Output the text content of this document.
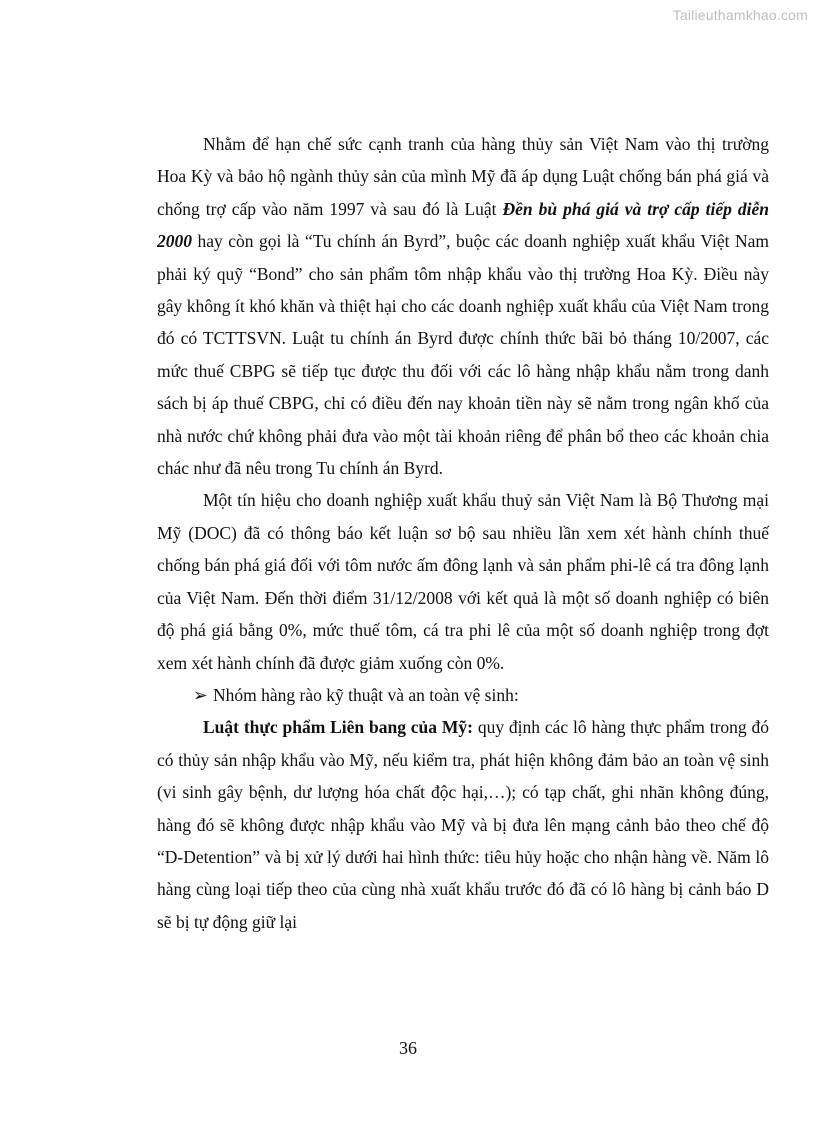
Tailieuthamkhao.com

Nhằm để hạn chế sức cạnh tranh của hàng thủy sản Việt Nam vào thị trường Hoa Kỳ và bảo hộ ngành thủy sản của mình Mỹ đã áp dụng Luật chống bán phá giá và chống trợ cấp vào năm 1997 và sau đó là Luật Đền bù phá giá và trợ cấp tiếp diễn 2000 hay còn gọi là “Tu chính án Byrd”, buộc các doanh nghiệp xuất khẩu Việt Nam phải ký quỹ “Bond” cho sản phẩm tôm nhập khẩu vào thị trường Hoa Kỳ. Điều này gây không ít khó khăn và thiệt hại cho các doanh nghiệp xuất khẩu của Việt Nam trong đó có TCTTSVN. Luật tu chính án Byrd được chính thức bãi bỏ tháng 10/2007, các mức thuế CBPG sẽ tiếp tục được thu đối với các lô hàng nhập khẩu nằm trong danh sách bị áp thuế CBPG, chỉ có điều đến nay khoản tiền này sẽ nằm trong ngân khố của nhà nước chứ không phải đưa vào một tài khoản riêng để phân bổ theo các khoản chia chác như đã nêu trong Tu chính án Byrd.

Một tín hiệu cho doanh nghiệp xuất khẩu thuỷ sản Việt Nam là Bộ Thương mại Mỹ (DOC) đã có thông báo kết luận sơ bộ sau nhiều lần xem xét hành chính thuế chống bán phá giá đối với tôm nước ấm đông lạnh và sản phẩm phi-lê cá tra đông lạnh của Việt Nam. Đến thời điểm 31/12/2008 với kết quả là một số doanh nghiệp có biên độ phá giá bằng 0%, mức thuế tôm, cá tra phi lê của một số doanh nghiệp trong đợt xem xét hành chính đã được giảm xuống còn 0%.

➢ Nhóm hàng rào kỹ thuật và an toàn vệ sinh:

Luật thực phẩm Liên bang của Mỹ: quy định các lô hàng thực phẩm trong đó có thủy sản nhập khẩu vào Mỹ, nếu kiểm tra, phát hiện không đảm bảo an toàn vệ sinh (vi sinh gây bệnh, dư lượng hóa chất độc hại,…); có tạp chất, ghi nhãn không đúng, hàng đó sẽ không được nhập khẩu vào Mỹ và bị đưa lên mạng cảnh bảo theo chế độ “D-Detention” và bị xử lý dưới hai hình thức: tiêu hủy hoặc cho nhận hàng về. Năm lô hàng cùng loại tiếp theo của cùng nhà xuất khẩu trước đó đã có lô hàng bị cảnh báo D sẽ bị tự động giữ lại

36
